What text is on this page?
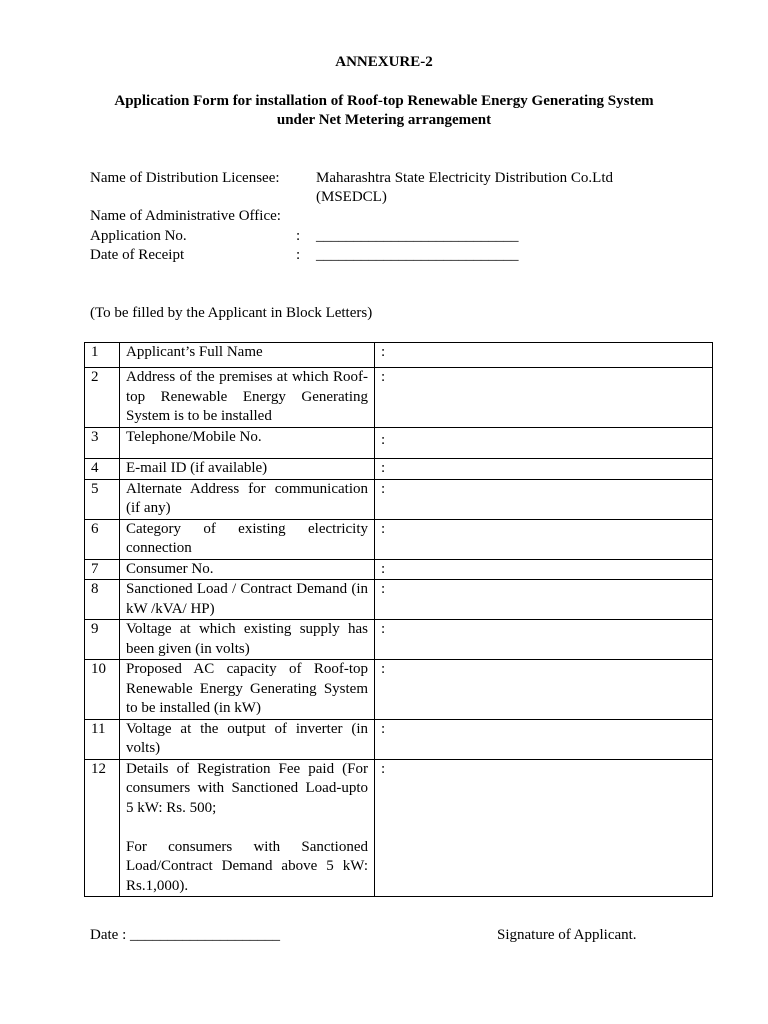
ANNEXURE-2
Application Form for installation of Roof-top Renewable Energy Generating System
under Net Metering arrangement
Name of Distribution Licensee: Maharashtra State Electricity Distribution Co.Ltd
(MSEDCL)
Name of Administrative Office:
Application No.	: ___________________________
Date of Receipt	: ___________________________
(To be filled by the Applicant in Block Letters)
1	Applicant’s Full Name	:
2	Address of the premises at which Roof-top Renewable Energy Generating System is to be installed	:
3	Telephone/Mobile No.	:
4	E-mail ID (if available)	:
5	Alternate Address for communication (if any)	:
6	Category of existing electricity connection	:
7	Consumer No.	:
8	Sanctioned Load / Contract Demand (in kW /kVA/ HP)	:
9	Voltage at which existing supply has been given (in volts)	:
10	Proposed AC capacity of Roof-top Renewable Energy Generating System to be installed (in kW)	:
11	Voltage at the output of inverter (in volts)	:
12	Details of Registration Fee paid (For consumers with Sanctioned Load-upto 5 kW: Rs. 500;
For consumers with Sanctioned Load/Contract Demand above 5 kW: Rs.1,000).	:
Date : ____________________	Signature of Applicant.
